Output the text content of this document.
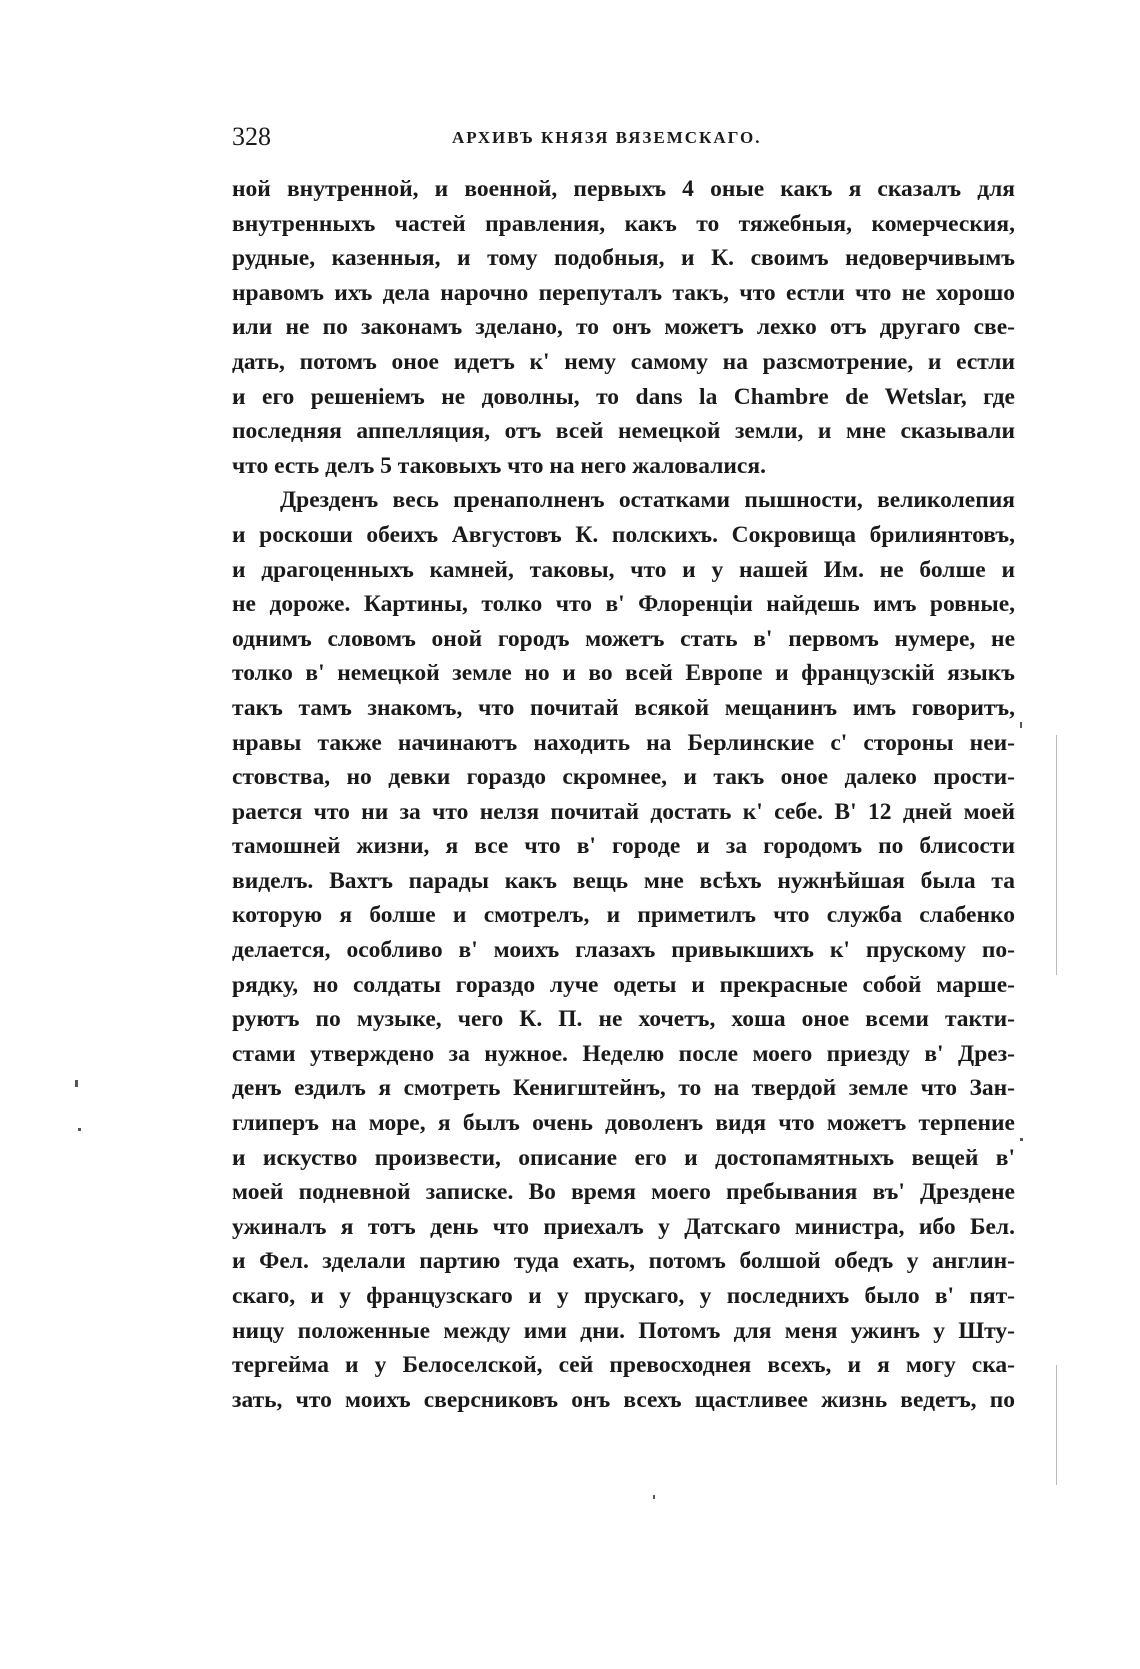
328	АРХИВЪ КНЯЗЯ ВЯЗЕМСКАГО.
ной внутренной, и военной, первыхъ 4 оные какъ я сказалъ для
внутренныхъ частей правления, какъ то тяжебныя, комерческия,
рудные, казенныя, и тому подобныя, и К. своимъ недоверчивымъ
нравомъ ихъ дела нарочно перепуталъ такъ, что естли что не хорошо
или не по законамъ зделано, то онъ можетъ лехко отъ другаго све-
дать, потомъ оное идетъ к' нему самому на разсмотрение, и естли
и его решеніемъ не доволны, то dans la Chambre de Wetslar, где
последняя аппелляция, отъ всей немецкой земли, и мне сказывали
что есть делъ 5 таковыхъ что на него жаловалися.
Дрезденъ весь пренаполненъ остатками пышности, великолепия
и роскоши обеихъ Августовъ К. полскихъ. Сокровища брилиянтовъ,
и драгоценныхъ камней, таковы, что и у нашей Им. не болше и
не дороже. Картины, толко что в' Флоренціи найдешь имъ ровные,
однимъ словомъ оной городъ можетъ стать в' первомъ нумере, не
толко в' немецкой земле но и во всей Европе и французскій языкъ
такъ тамъ знакомъ, что почитай всякой мещанинъ имъ говоритъ,
нравы также начинаютъ находить на Берлинские с' стороны неи-
стовства, но девки гораздо скромнее, и такъ оное далеко прости-
рается что ни за что нелзя почитай достать к' себе. В' 12 дней моей
тамошней жизни, я все что в' городе и за городомъ по блисости
виделъ. Вахтъ парады какъ вещь мне всѣхъ нужнѣйшая была та
которую я болше и смотрелъ, и приметилъ что служба слабенко
делается, особливо в' моихъ глазахъ привыкшихъ к' прускому по-
рядку, но солдаты гораздо луче одеты и прекрасные собой марше-
руютъ по музыке, чего К. П. не хочетъ, хоша оное всеми такти-
стами утверждено за нужное. Неделю после моего приезду в' Дрез-
денъ ездилъ я смотреть Кенигштейнъ, то на твердой земле что Зан-
глиперъ на море, я былъ очень доволенъ видя что можетъ терпение
и искуство произвести, описание его и достопамятныхъ вещей в'
моей подневной записке. Во время моего пребывания въ' Дрездене
ужиналъ я тотъ день что приехалъ у Датскаго министра, ибо Бел.
и Фел. зделали партию туда ехать, потомъ болшой обедъ у англин-
скаго, и у французскаго и у прускаго, у последнихъ было в' пят-
ницу положенные между ими дни. Потомъ для меня ужинъ у Шту-
тергейма и у Белоселской, сей превосходнея всехъ, и я могу ска-
зать, что моихъ сверсниковъ онъ всехъ щастливее жизнь ведетъ, по
